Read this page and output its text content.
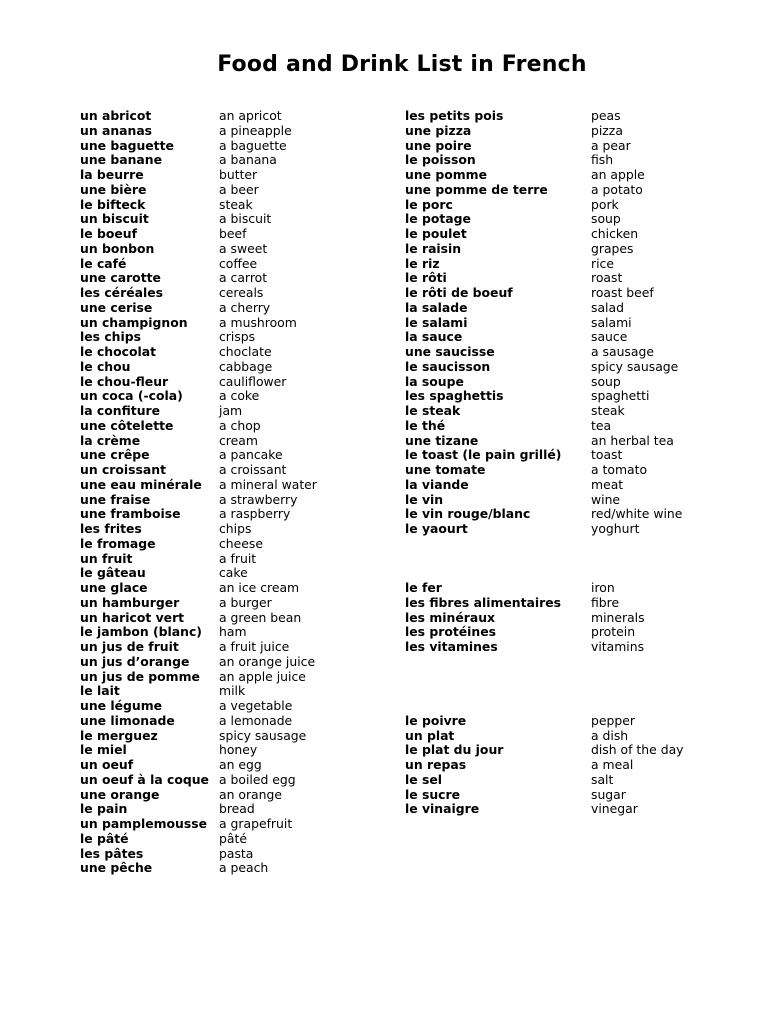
Food and Drink List in French
un abricot	an apricot
un ananas	a pineapple
une baguette	a baguette
une banane	a banana
la beurre	butter
une bière	a beer
le bifteck	steak
un biscuit	a biscuit
le boeuf	beef
un bonbon	a sweet
le café	coffee
une carotte	a carrot
les céréales	cereals
une cerise	a cherry
un champignon	a mushroom
les chips	crisps
le chocolat	choclate
le chou	cabbage
le chou-fleur	cauliflower
un coca (-cola)	a coke
la confiture	jam
une côtelette	a chop
la crème	cream
une crêpe	a pancake
un croissant	a croissant
une eau minérale a mineral water
une fraise	a strawberry
une framboise	a raspberry
les frites	chips
le fromage	cheese
un fruit	a fruit
le gâteau	cake
une glace	an ice cream
un hamburger	a burger
un haricot vert	a green bean
le jambon (blanc) ham
un jus de fruit	a fruit juice
un jus d’orange an orange juice
un jus de pomme an apple juice
le lait	milk
une légume	a vegetable
une limonade	a lemonade
le merguez	spicy sausage
le miel	honey
un oeuf	an egg
un oeuf à la coque a boiled egg
une orange	an orange
le pain	bread
un pamplemousse a grapefruit
le pâté	pâté
les pâtes	pasta
une pêche	a peach
les petits pois	peas
une pizza	pizza
une poire	a pear
le poisson	fish
une pomme	an apple
une pomme de terre	a potato
le porc	pork
le potage	soup
le poulet	chicken
le raisin	grapes
le riz	rice
le rôti	roast
le rôti de boeuf	roast beef
la salade	salad
le salami	salami
la sauce	sauce
une saucisse	a sausage
le saucisson	spicy sausage
la soupe	soup
les spaghettis	spaghetti
le steak	steak
le thé	tea
une tizane	an herbal tea
le toast (le pain grillé) toast
une tomate	a tomato
la viande	meat
le vin	wine
le vin rouge/blanc	red/white wine
le yaourt	yoghurt
le fer	iron
les fibres alimentaires fibre
les minéraux	minerals
les protéines	protein
les vitamines	vitamins
le poivre	pepper
un plat	a dish
le plat du jour	dish of the day
un repas	a meal
le sel	salt
le sucre	sugar
le vinaigre	vinegar
